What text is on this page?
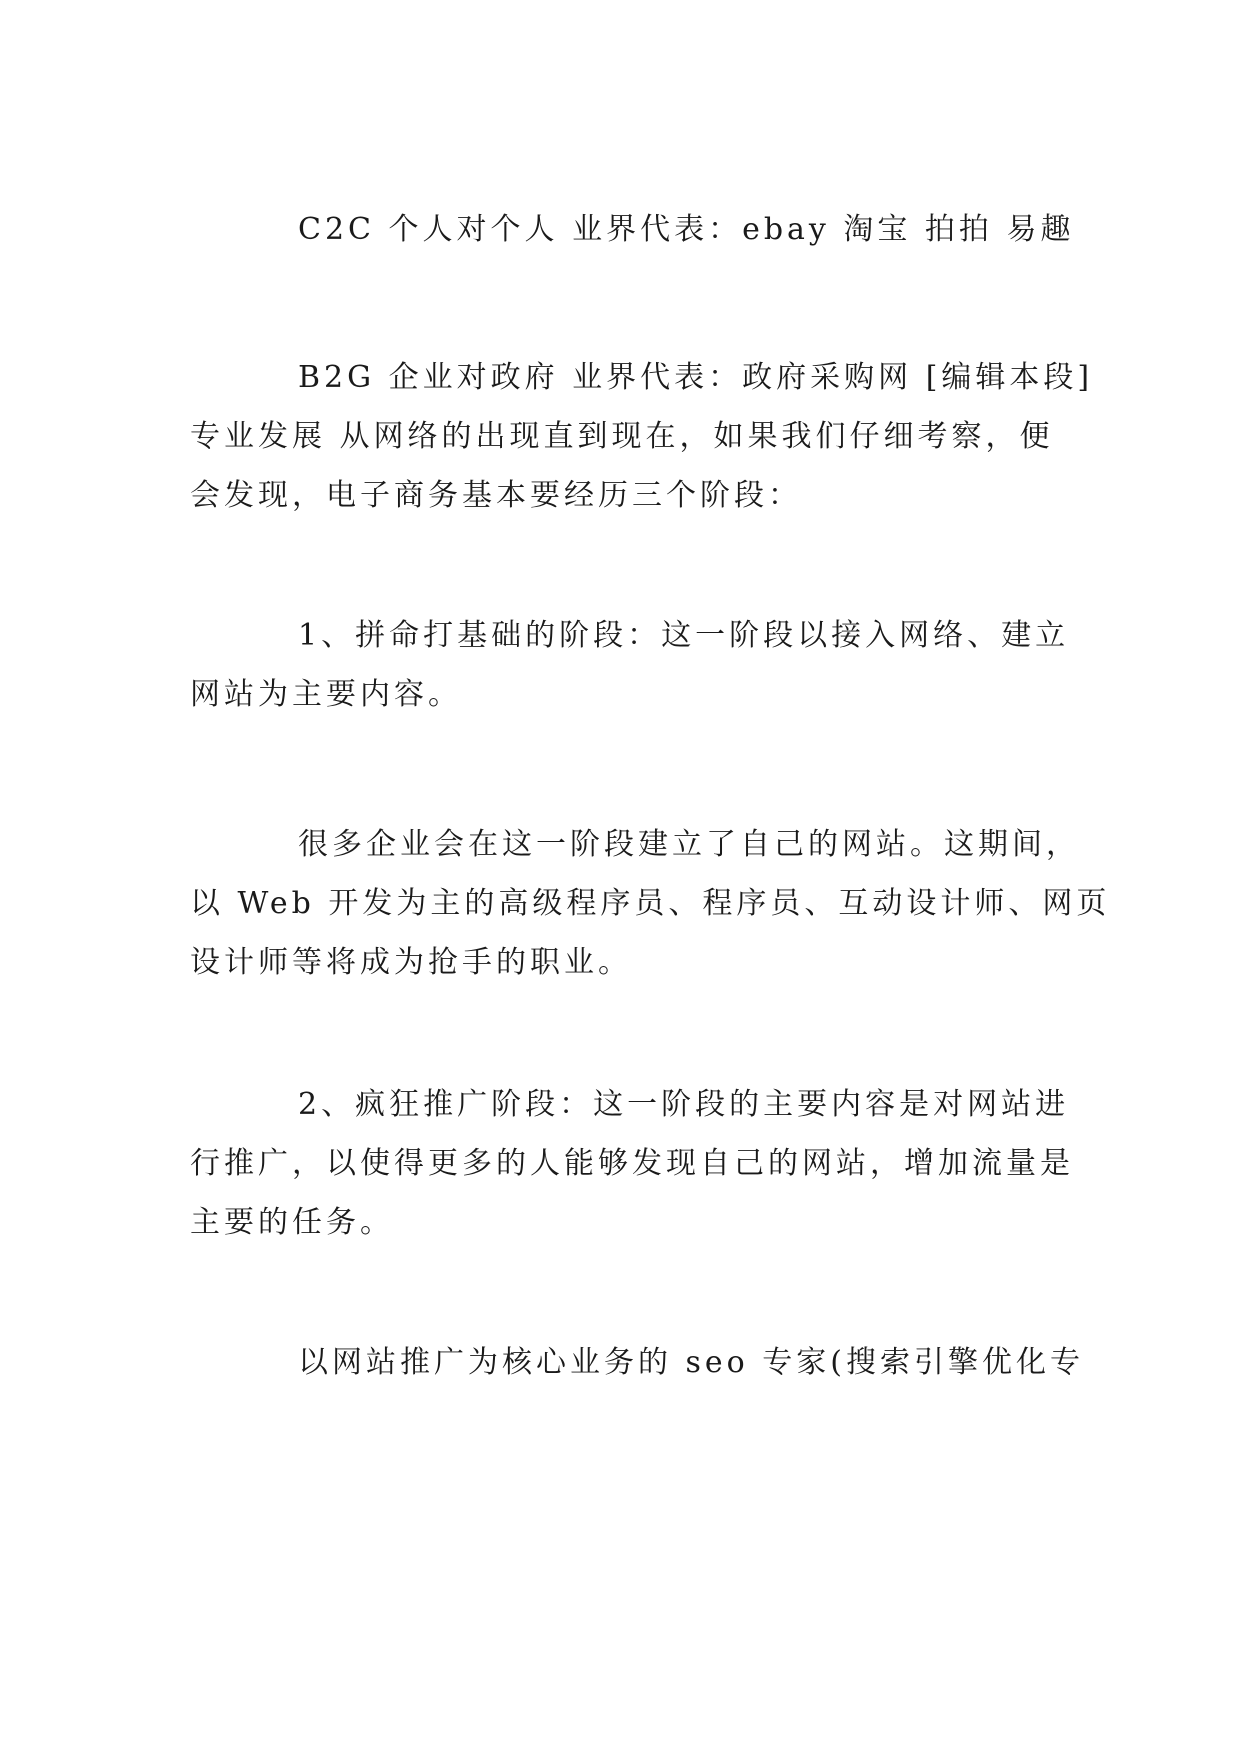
C2C 个人对个人 业界代表：ebay 淘宝 拍拍 易趣

B2G 企业对政府 业界代表：政府采购网 [编辑本段]
专业发展 从网络的出现直到现在，如果我们仔细考察，便
会发现，电子商务基本要经历三个阶段：

1、拼命打基础的阶段：这一阶段以接入网络、建立
网站为主要内容。

很多企业会在这一阶段建立了自己的网站。这期间，
以 Web 开发为主的高级程序员、程序员、互动设计师、网页
设计师等将成为抢手的职业。

2、疯狂推广阶段：这一阶段的主要内容是对网站进
行推广，以使得更多的人能够发现自己的网站，增加流量是
主要的任务。

以网站推广为核心业务的 seo 专家(搜索引擎优化专
